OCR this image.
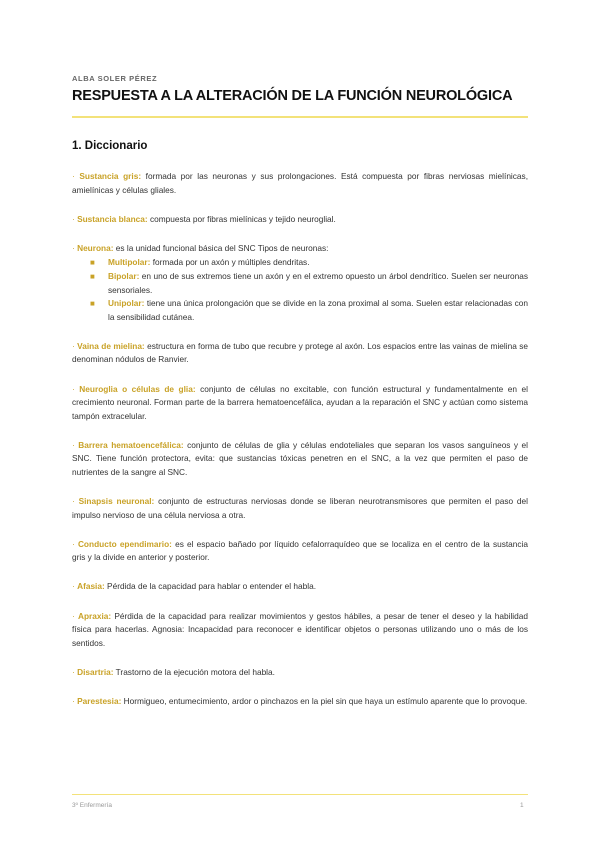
ALBA SOLER PÉREZ
RESPUESTA A LA ALTERACIÓN DE LA FUNCIÓN NEUROLÓGICA
1. Diccionario
· Sustancia gris: formada por las neuronas y sus prolongaciones. Está compuesta por fibras nerviosas mielínicas, amielínicas y células gliales.
· Sustancia blanca: compuesta por fibras mielínicas y tejido neuroglial.
· Neurona: es la unidad funcional básica del SNC Tipos de neuronas:
■ Multipolar: formada por un axón y múltiples dendritas.
■ Bipolar: en uno de sus extremos tiene un axón y en el extremo opuesto un árbol dendrítico. Suelen ser neuronas sensoriales.
■ Unipolar: tiene una única prolongación que se divide en la zona proximal al soma. Suelen estar relacionadas con la sensibilidad cutánea.
· Vaina de mielina: estructura en forma de tubo que recubre y protege al axón. Los espacios entre las vainas de mielina se denominan nódulos de Ranvier.
· Neuroglia o células de glia: conjunto de células no excitable, con función estructural y fundamentalmente en el crecimiento neuronal. Forman parte de la barrera hematoencefálica, ayudan a la reparación el SNC y actúan como sistema tampón extracelular.
· Barrera hematoencefálica: conjunto de células de glia y células endoteliales que separan los vasos sanguíneos y el SNC. Tiene función protectora, evita: que sustancias tóxicas penetren en el SNC, a la vez que permiten el paso de nutrientes de la sangre al SNC.
· Sinapsis neuronal: conjunto de estructuras nerviosas donde se liberan neurotransmisores que permiten el paso del impulso nervioso de una célula nerviosa a otra.
· Conducto ependimario: es el espacio bañado por líquido cefalorraquídeo que se localiza en el centro de la sustancia gris y la divide en anterior y posterior.
· Afasia: Pérdida de la capacidad para hablar o entender el habla.
· Apraxia: Pérdida de la capacidad para realizar movimientos y gestos hábiles, a pesar de tener el deseo y la habilidad física para hacerlas. Agnosia: Incapacidad para reconocer e identificar objetos o personas utilizando uno o más de los sentidos.
· Disartria: Trastorno de la ejecución motora del habla.
· Parestesia: Hormigueo, entumecimiento, ardor o pinchazos en la piel sin que haya un estímulo aparente que lo provoque.
3º Enfermería	1
